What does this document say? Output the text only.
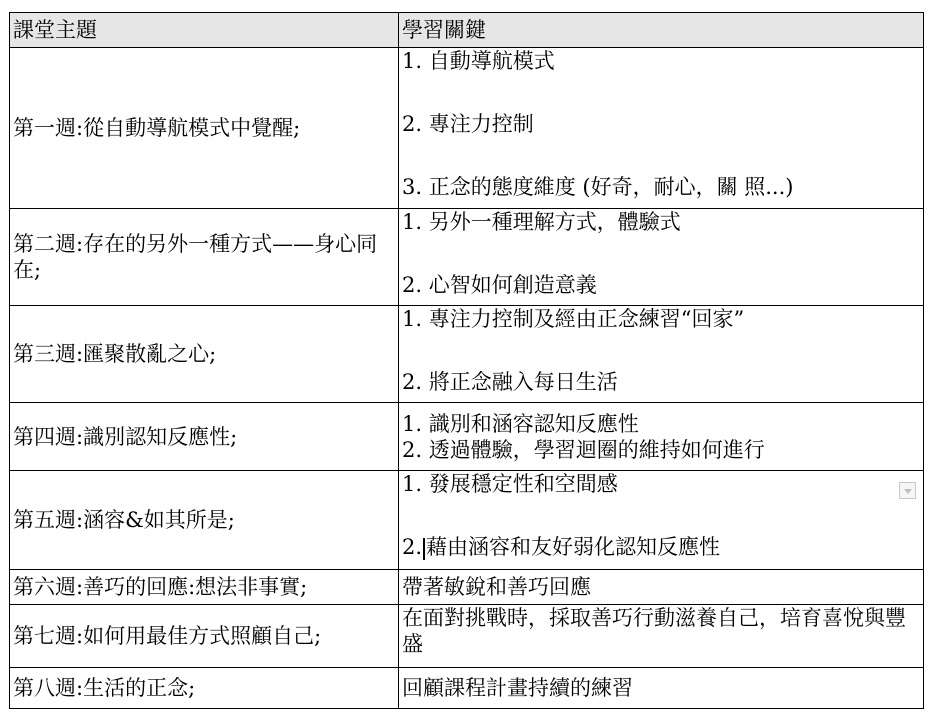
課堂主題	學習關鍵
第一週:從自動導航模式中覺醒;	1. 自動導航模式
2. 專注力控制
3. 正念的態度維度 (好奇，耐心，關 照...)

第二週:存在的另外一種方式——身心同在;	1. 另外一種理解方式，體驗式
2. 心智如何創造意義

第三週:匯聚散亂之心;	1. 專注力控制及經由正念練習“回家”
2. 將正念融入每日生活

第四週:識別認知反應性;	1. 識別和涵容認知反應性
2. 透過體驗，學習迴圈的維持如何進行

第五週:涵容&如其所是;	1. 發展穩定性和空間感
2. 藉由涵容和友好弱化認知反應性

第六週:善巧的回應:想法非事實;	帶著敏銳和善巧回應

第七週:如何用最佳方式照顧自己;	在面對挑戰時，採取善巧行動滋養自己，培育喜悅與豐盛
第八週:生活的正念;	回顧課程計畫持續的練習
